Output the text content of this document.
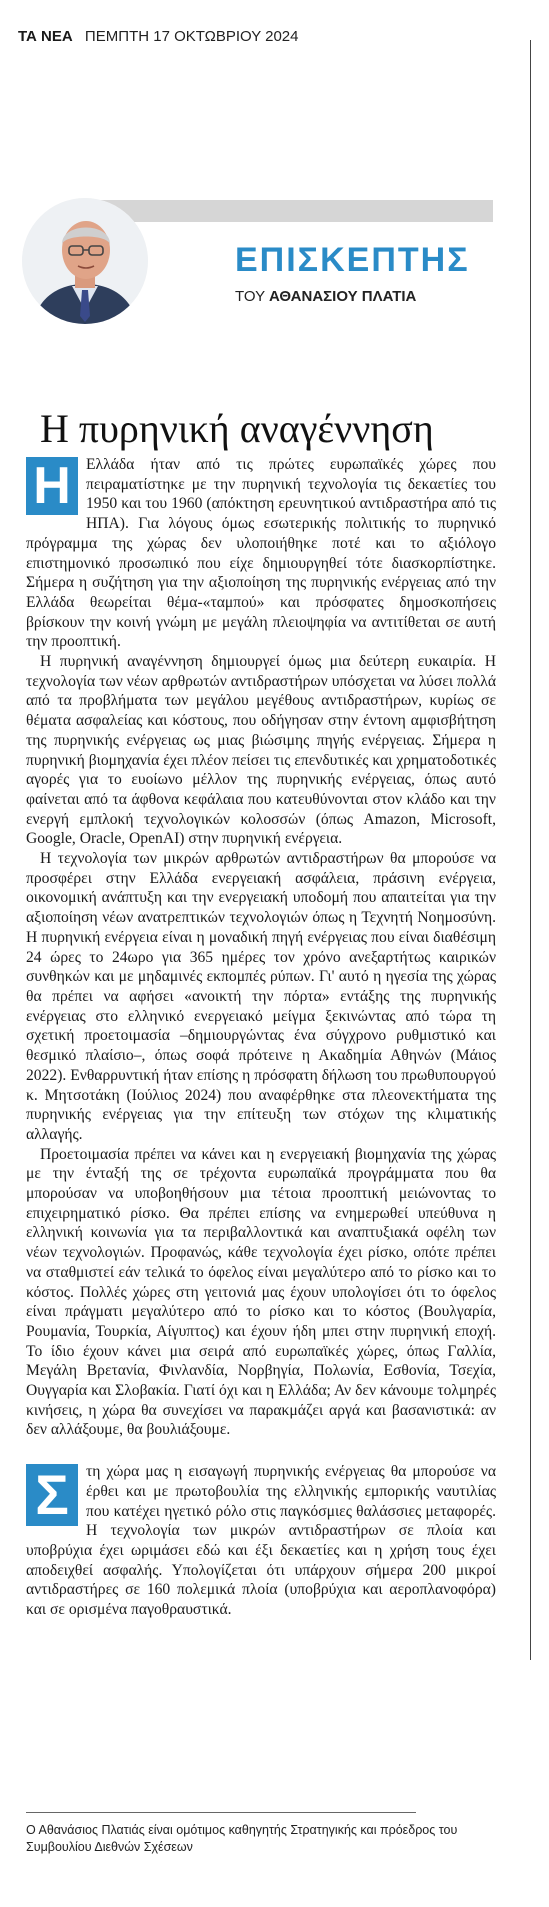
ΤΑ ΝΕΑ ΠΕΜΠΤΗ 17 ΟΚΤΩΒΡΙΟΥ 2024
ΕΠΙΣΚΕΠΤΗΣ
ΤΟΥ ΑΘΑΝΑΣΙΟΥ ΠΛΑΤΙΑ
Η πυρηνική αναγέννηση

Η Ελλάδα ήταν από τις πρώτες ευρωπαϊκές χώρες που πειραματίστηκε με την πυρηνική τεχνολογία τις δεκαετίες του 1950 και του 1960 (απόκτηση ερευνητικού αντιδραστήρα από τις ΗΠΑ). Για λόγους όμως εσωτερικής πολιτικής το πυρηνικό πρόγραμμα της χώρας δεν υλοποιήθηκε ποτέ και το αξιόλογο επιστημονικό προσωπικό που είχε δημιουργηθεί τότε διασκορπίστηκε. Σήμερα η συζήτηση για την αξιοποίηση της πυρηνικής ενέργειας από την Ελλάδα θεωρείται θέμα-«ταμπού» και πρόσφατες δημοσκοπήσεις βρίσκουν την κοινή γνώμη με μεγάλη πλειοψηφία να αντιτίθεται σε αυτή την προοπτική.

Η πυρηνική αναγέννηση δημιουργεί όμως μια δεύτερη ευκαιρία. Η τεχνολογία των νέων αρθρωτών αντιδραστήρων υπόσχεται να λύσει πολλά από τα προβλήματα των μεγάλου μεγέθους αντιδραστήρων, κυρίως σε θέματα ασφαλείας και κόστους, που οδήγησαν στην έντονη αμφισβήτηση της πυρηνικής ενέργειας ως μιας βιώσιμης πηγής ενέργειας. Σήμερα η πυρηνική βιομηχανία έχει πλέον πείσει τις επενδυτικές και χρηματοδοτικές αγορές για το ευοίωνο μέλλον της πυρηνικής ενέργειας, όπως αυτό φαίνεται από τα άφθονα κεφάλαια που κατευθύνονται στον κλάδο και την ενεργή εμπλοκή τεχνολογικών κολοσσών (όπως Amazon, Microsoft, Google, Oracle, OpenAI) στην πυρηνική ενέργεια.

Η τεχνολογία των μικρών αρθρωτών αντιδραστήρων θα μπορούσε να προσφέρει στην Ελλάδα ενεργειακή ασφάλεια, πράσινη ενέργεια, οικονομική ανάπτυξη και την ενεργειακή υποδομή που απαιτείται για την αξιοποίηση νέων ανατρεπτικών τεχνολογιών όπως η Τεχνητή Νοημοσύνη. Η πυρηνική ενέργεια είναι η μοναδική πηγή ενέργειας που είναι διαθέσιμη 24 ώρες το 24ωρο για 365 ημέρες τον χρόνο ανεξαρτήτως καιρικών συνθηκών και με μηδαμινές εκπομπές ρύπων. Γι' αυτό η ηγεσία της χώρας θα πρέπει να αφήσει «ανοικτή την πόρτα» εντάξης της πυρηνικής ενέργειας στο ελληνικό ενεργειακό μείγμα ξεκινώντας από τώρα τη σχετική προετοιμασία –δημιουργώντας ένα σύγχρονο ρυθμιστικό και θεσμικό πλαίσιο–, όπως σοφά πρότεινε η Ακαδημία Αθηνών (Μάιος 2022). Ενθαρρυντική ήταν επίσης η πρόσφατη δήλωση του πρωθυπουργού κ. Μητσοτάκη (Ιούλιος 2024) που αναφέρθηκε στα πλεονεκτήματα της πυρηνικής ενέργειας για την επίτευξη των στόχων της κλιματικής αλλαγής.

Προετοιμασία πρέπει να κάνει και η ενεργειακή βιομηχανία της χώρας με την ένταξή της σε τρέχοντα ευρωπαϊκά προγράμματα που θα μπορούσαν να υποβοηθήσουν μια τέτοια προοπτική μειώνοντας το επιχειρηματικό ρίσκο. Θα πρέπει επίσης να ενημερωθεί υπεύθυνα η ελληνική κοινωνία για τα περιβαλλοντικά και αναπτυξιακά οφέλη των νέων τεχνολογιών. Προφανώς, κάθε τεχνολογία έχει ρίσκο, οπότε πρέπει να σταθμιστεί εάν τελικά το όφελος είναι μεγαλύτερο από το ρίσκο και το κόστος. Πολλές χώρες στη γειτονιά μας έχουν υπολογίσει ότι το όφελος είναι πράγματι μεγαλύτερο από το ρίσκο και το κόστος (Βουλγαρία, Ρουμανία, Τουρκία, Αίγυπτος) και έχουν ήδη μπει στην πυρηνική εποχή. Το ίδιο έχουν κάνει μια σειρά από ευρωπαϊκές χώρες, όπως Γαλλία, Μεγάλη Βρετανία, Φινλανδία, Νορβηγία, Πολωνία, Εσθονία, Τσεχία, Ουγγαρία και Σλοβακία. Γιατί όχι και η Ελλάδα; Αν δεν κάνουμε τολμηρές κινήσεις, η χώρα θα συνεχίσει να παρακμάζει αργά και βασανιστικά: αν δεν αλλάξουμε, θα βουλιάξουμε.

Σ	τη χώρα μας η εισαγωγή πυρηνικής ενέργειας θα μπορούσε να έρθει και με πρωτοβουλία της ελληνικής εμπορικής ναυτιλίας που κατέχει ηγετικό ρόλο στις παγκόσμιες θαλάσσιες μεταφορές. Η τεχνολογία των μικρών αντιδραστήρων σε πλοία και υποβρύχια έχει ωριμάσει εδώ και έξι δεκαετίες και η χρήση τους έχει αποδειχθεί ασφαλής. Υπολογίζεται ότι υπάρχουν σήμερα 200 μικροί αντιδραστήρες σε 160 πολεμικά πλοία (υποβρύχια και αεροπλανοφόρα) και σε ορισμένα παγοθραυστικά.

Ο Αθανάσιος Πλατιάς είναι ομότιμος καθηγητής Στρατηγικής και πρόεδρος του Συμβουλίου Διεθνών Σχέσεων
